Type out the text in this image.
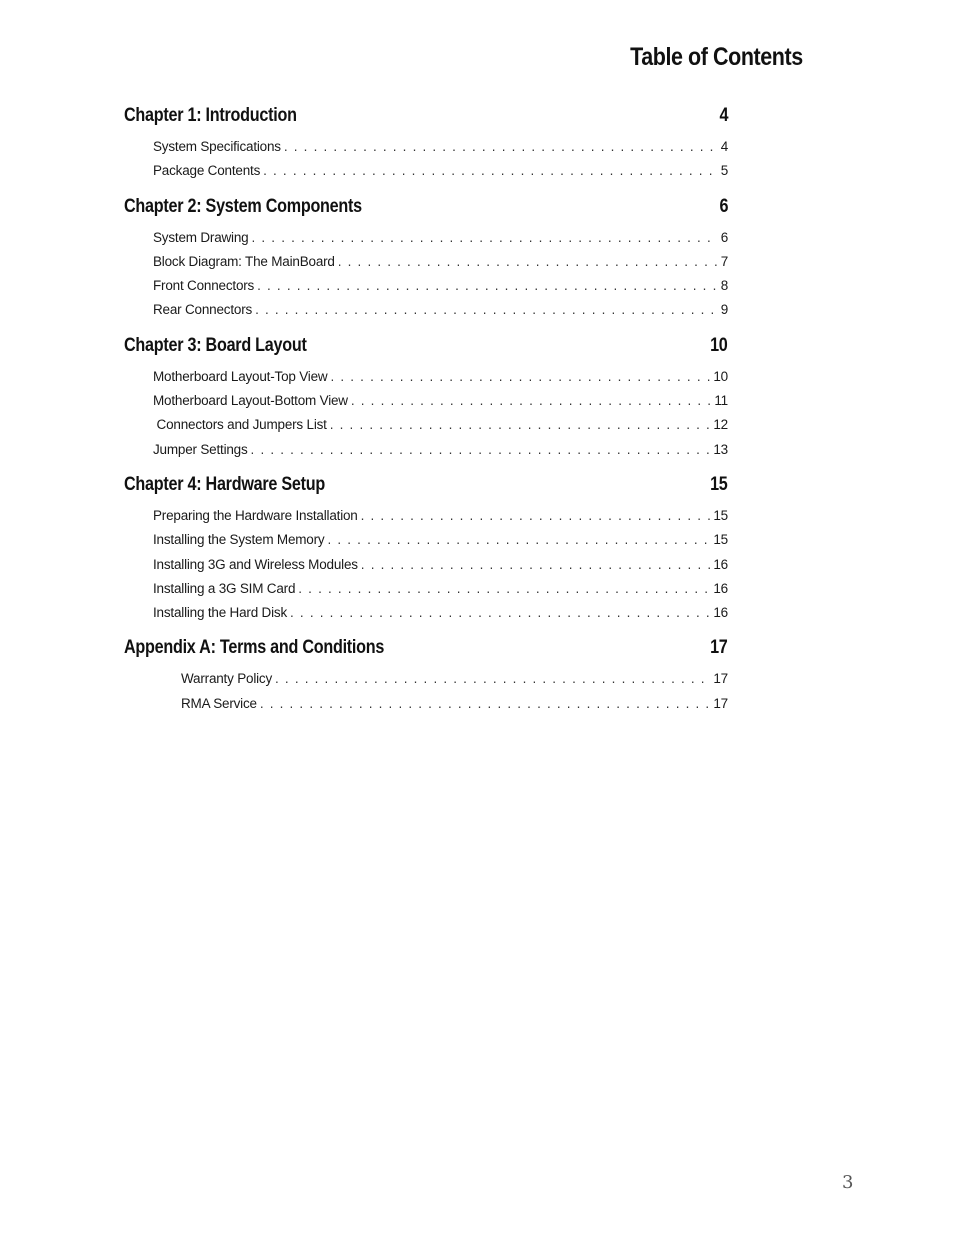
Table of Contents
Chapter 1: Introduction	4
System Specifications . . .	4
Package Contents . . .	5
Chapter 2: System Components	6
System Drawing . . .	6
Block Diagram: The MainBoard . . .	7
Front Connectors . . .	8
Rear Connectors . . .	9
Chapter 3: Board Layout	10
Motherboard Layout-Top View . . .	10
Motherboard Layout-Bottom View . . .	11
Connectors and Jumpers List . . .	12
Jumper Settings . . .	13
Chapter 4: Hardware Setup	15
Preparing the Hardware Installation . . .	15
Installing the System Memory . . .	15
Installing 3G and Wireless Modules . . .	16
Installing a 3G SIM Card . . .	16
Installing the Hard Disk . . .	16
Appendix A: Terms and Conditions	17
Warranty Policy . . .	17
RMA Service . . .	17
3
